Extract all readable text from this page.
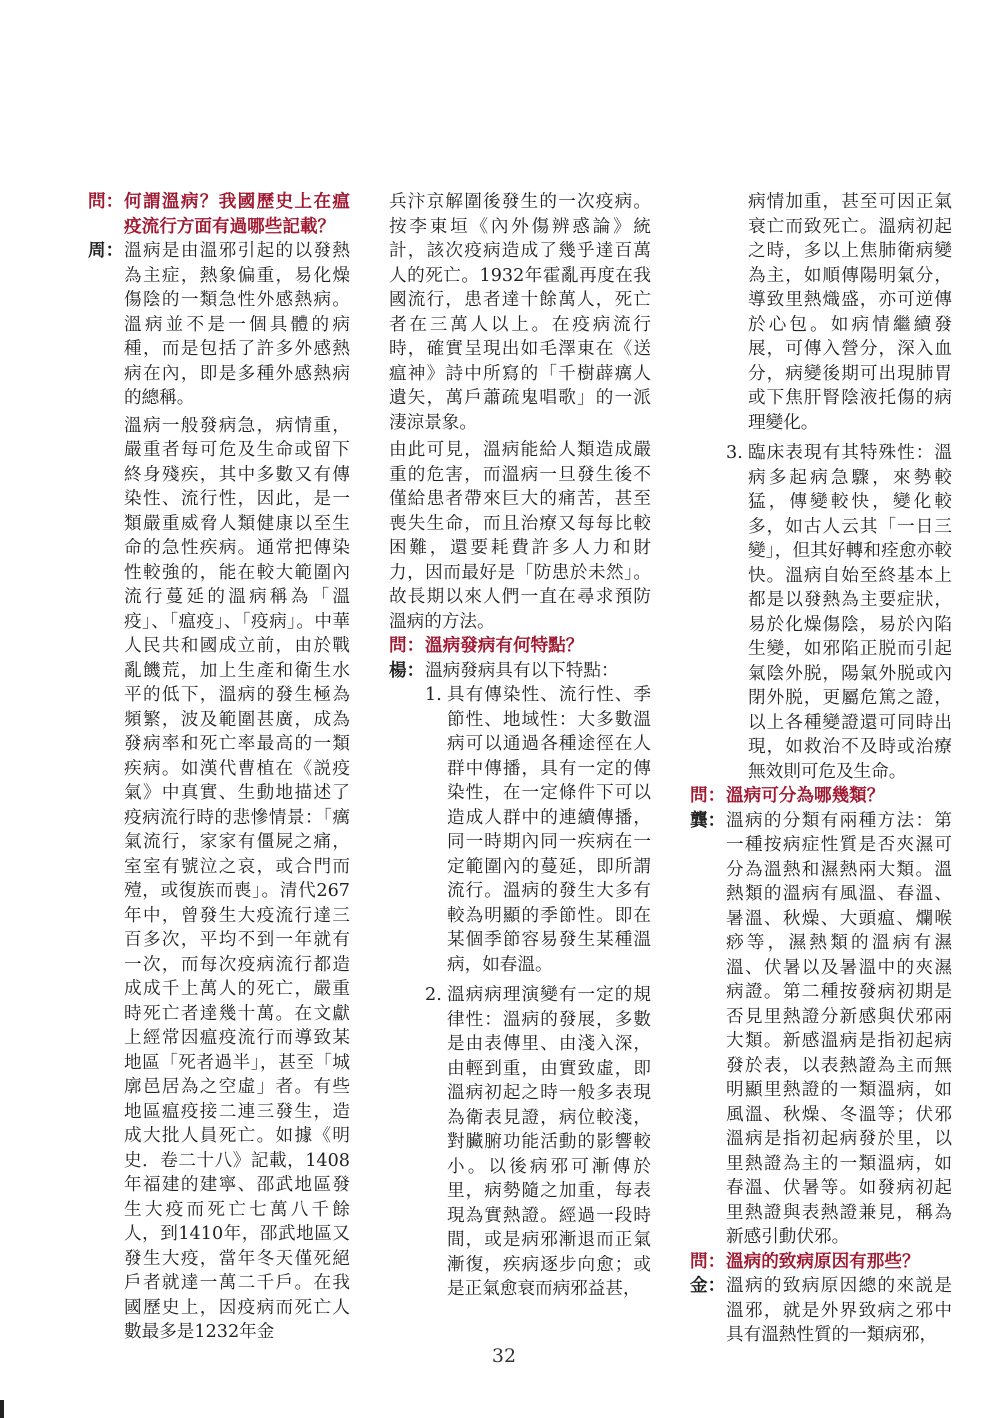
問： 何謂溫病？我國歷史上在瘟疫流行方面有過哪些記載？
周： 溫病是由溫邪引起的以發熱為主症，熱象偏重，易化燥傷陰的一類急性外感熱病。溫病並不是一個具體的病種，而是包括了許多外感熱病在內，即是多種外感熱病的總稱。
溫病一般發病急，病情重，嚴重者每可危及生命或留下終身殘疾，其中多數又有傳染性、流行性，因此，是一類嚴重威脅人類健康以至生命的急性疾病。通常把傳染性較強的，能在較大範圍內流行蔓延的溫病稱為「溫疫」、「瘟疫」、「疫病」。中華人民共和國成立前，由於戰亂饑荒，加上生產和衛生水平的低下，溫病的發生極為頻繁，波及範圍甚廣，成為發病率和死亡率最高的一類疾病。如漢代曹植在《説疫氣》中真實、生動地描述了疫病流行時的悲慘情景：「癘氣流行，家家有僵屍之痛，室室有號泣之哀，或合門而殪，或復族而喪」。清代267年中，曾發生大疫流行達三百多次，平均不到一年就有一次，而每次疫病流行都造成成千上萬人的死亡，嚴重時死亡者達幾十萬。在文獻上經常因瘟疫流行而導致某地區「死者過半」，甚至「城廓邑居為之空虛」者。有些地區瘟疫接二連三發生，造成大批人員死亡。如據《明史．卷二十八》記載，1408年福建的建寧、邵武地區發生大疫而死亡七萬八千餘人，到1410年，邵武地區又發生大疫，當年冬天僅死絕戶者就達一萬二千戶。在我國歷史上，因疫病而死亡人數最多是1232年金
兵汴京解圍後發生的一次疫病。按李東垣《內外傷辨惑論》統計，該次疫病造成了幾乎達百萬人的死亡。1932年霍亂再度在我國流行，患者達十餘萬人，死亡者在三萬人以上。在疫病流行時，確實呈現出如毛澤東在《送瘟神》詩中所寫的「千樹薜癘人遺矢，萬戶蕭疏鬼唱歌」的一派淒涼景象。
由此可見，溫病能給人類造成嚴重的危害，而溫病一旦發生後不僅給患者帶來巨大的痛苦，甚至喪失生命，而且治療又每每比較困難，還要耗費許多人力和財力，因而最好是「防患於未然」。故長期以來人們一直在尋求預防溫病的方法。
問： 溫病發病有何特點？
楊： 溫病發病具有以下特點：
1. 具有傳染性、流行性、季節性、地域性：大多數溫病可以通過各種途徑在人群中傳播，具有一定的傳染性，在一定條件下可以造成人群中的連續傳播，同一時期內同一疾病在一定範圍內的蔓延，即所謂流行。溫病的發生大多有較為明顯的季節性。即在某個季節容易發生某種溫病，如春溫。
2. 溫病病理演變有一定的規律性：溫病的發展，多數是由表傳里、由淺入深，由輕到重，由實致虛，即溫病初起之時一般多表現為衛表見證，病位較淺，對臟腑功能活動的影響較小。以後病邪可漸傳於里，病勢隨之加重，每表現為實熱證。經過一段時間，或是病邪漸退而正氣漸復，疾病逐步向愈；或是正氣愈衰而病邪益甚，
病情加重，甚至可因正氣衰亡而致死亡。溫病初起之時，多以上焦肺衛病變為主，如順傳陽明氣分，導致里熱熾盛，亦可逆傳於心包。如病情繼續發展，可傳入營分，深入血分，病變後期可出現肺胃或下焦肝腎陰液托傷的病理變化。
3. 臨床表現有其特殊性：溫病多起病急驟，來勢較猛，傳變較快，變化較多，如古人云其「一日三變」，但其好轉和痊愈亦較快。溫病自始至終基本上都是以發熱為主要症狀，易於化燥傷陰，易於內陷生變，如邪陷正脱而引起氣陰外脱，陽氣外脱或內閉外脱，更屬危篤之證，以上各種變證還可同時出現，如救治不及時或治療無效則可危及生命。
問： 溫病可分為哪幾類？
龔： 溫病的分類有兩種方法：第一種按病症性質是否夾濕可分為溫熱和濕熱兩大類。溫熱類的溫病有風溫、春溫、暑溫、秋燥、大頭瘟、爛喉痧等，濕熱類的溫病有濕溫、伏暑以及暑溫中的夾濕病證。第二種按發病初期是否見里熱證分新感與伏邪兩大類。新感溫病是指初起病發於表，以表熱證為主而無明顯里熱證的一類溫病，如風溫、秋燥、冬溫等；伏邪溫病是指初起病發於里，以里熱證為主的一類溫病，如春溫、伏暑等。如發病初起里熱證與表熱證兼見，稱為新感引動伏邪。
問： 溫病的致病原因有那些？
金： 溫病的致病原因總的來説是溫邪，就是外界致病之邪中具有溫熱性質的一類病邪，
32
